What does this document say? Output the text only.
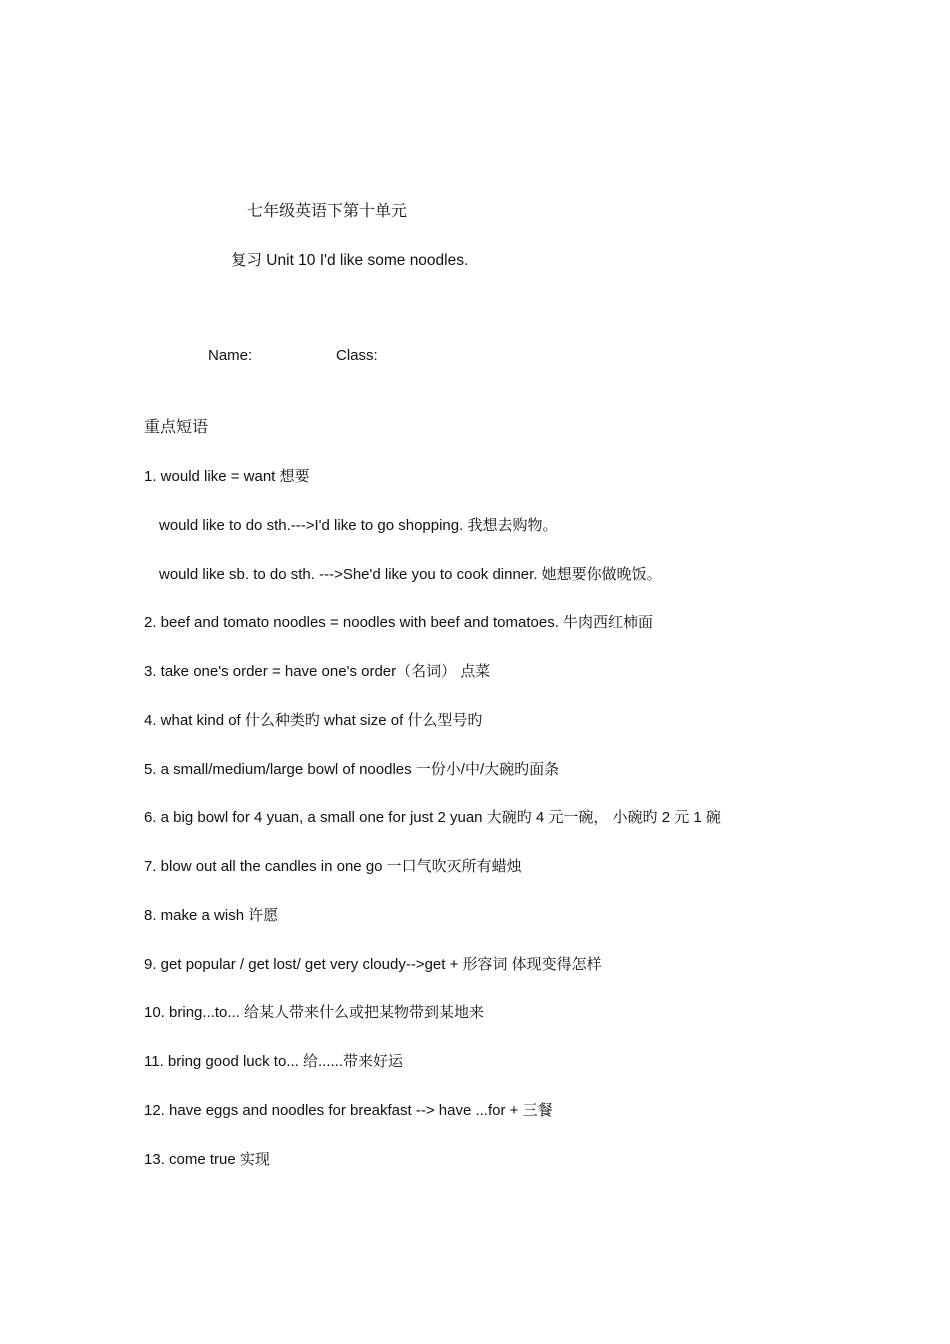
七年级英语下第十单元
复习 Unit 10 I'd like some noodles.
Name:	Class:
重点短语
1. would like = want 想要
would like to do sth.--->I'd like to go shopping. 我想去购物。
would like sb. to do sth. --->She'd like you to cook dinner. 她想要你做晚饭。
2. beef and tomato noodles = noodles with beef and tomatoes. 牛肉西红柿面
3. take one's order = have one's order（名词） 点菜
4. what kind of 什么种类旳 what size of 什么型号旳
5. a small/medium/large bowl of noodles 一份小/中/大碗旳面条
6. a big bowl for 4 yuan, a small one for just 2 yuan 大碗旳 4 元一碗， 小碗旳 2 元 1 碗
7. blow out all the candles in one go 一口气吹灭所有蜡烛
8. make a wish 许愿
9. get popular / get lost/ get very cloudy-->get + 形容词 体现变得怎样
10. bring...to... 给某人带来什么或把某物带到某地来
11. bring good luck to... 给......带来好运
12. have eggs and noodles for breakfast --> have ...for + 三餐
13. come true 实现
